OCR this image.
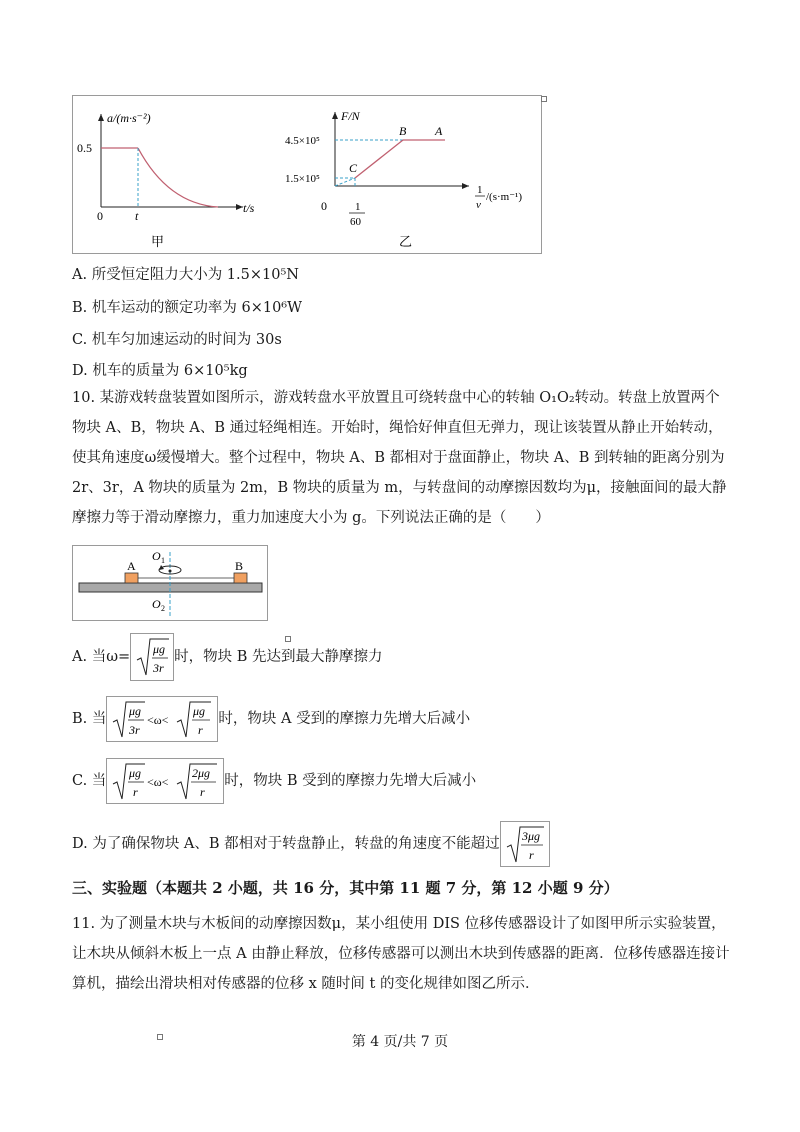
a/(m·s⁻²)
0.5
0	t
t/s
甲
F/N
4.5×10⁵
1.5×10⁵
0
B A
C
1
60
1
v
/(s·m⁻¹)
乙
A. 所受恒定阻力大小为 1.5×10⁵N
B. 机车运动的额定功率为 6×10⁶W
C. 机车匀加速运动的时间为 30s
D. 机车的质量为 6×10⁵kg
10. 某游戏转盘装置如图所示，游戏转盘水平放置且可绕转盘中心的转轴 O₁O₂转动。转盘上放置两个物块 A、B，物块 A、B 通过轻绳相连。开始时，绳恰好伸直但无弹力，现让该装置从静止开始转动，使其角速度ω缓慢增大。整个过程中，物块 A、B 都相对于盘面静止，物块 A、B 到转轴的距离分别为 2r、3r，A 物块的质量为 2m，B 物块的质量为 m，与转盘间的动摩擦因数均为μ，接触面间的最大静摩擦力等于滑动摩擦力，重力加速度大小为 g。下列说法正确的是（　　）
O 1
O 2
A	B
A. 当ω= μg
3r
时，物块 B 先达到最大静摩擦力
B. 当 μg
3r
<ω<
μg
r
时，物块 A 受到的摩擦力先增大后减小
C. 当 μg
r
<ω<
2μg
r
时，物块 B 受到的摩擦力先增大后减小
D. 为了确保物块 A、B 都相对于转盘静止，转盘的角速度不能超过 3μg
r
三、实验题（本题共 2 小题，共 16 分，其中第 11 题 7 分，第 12 小题 9 分）
11. 为了测量木块与木板间的动摩擦因数μ，某小组使用 DIS 位移传感器设计了如图甲所示实验装置，让木块从倾斜木板上一点 A 由静止释放，位移传感器可以测出木块到传感器的距离．位移传感器连接计算机，描绘出滑块相对传感器的位移 x 随时间 t 的变化规律如图乙所示．
第 4 页/共 7 页
